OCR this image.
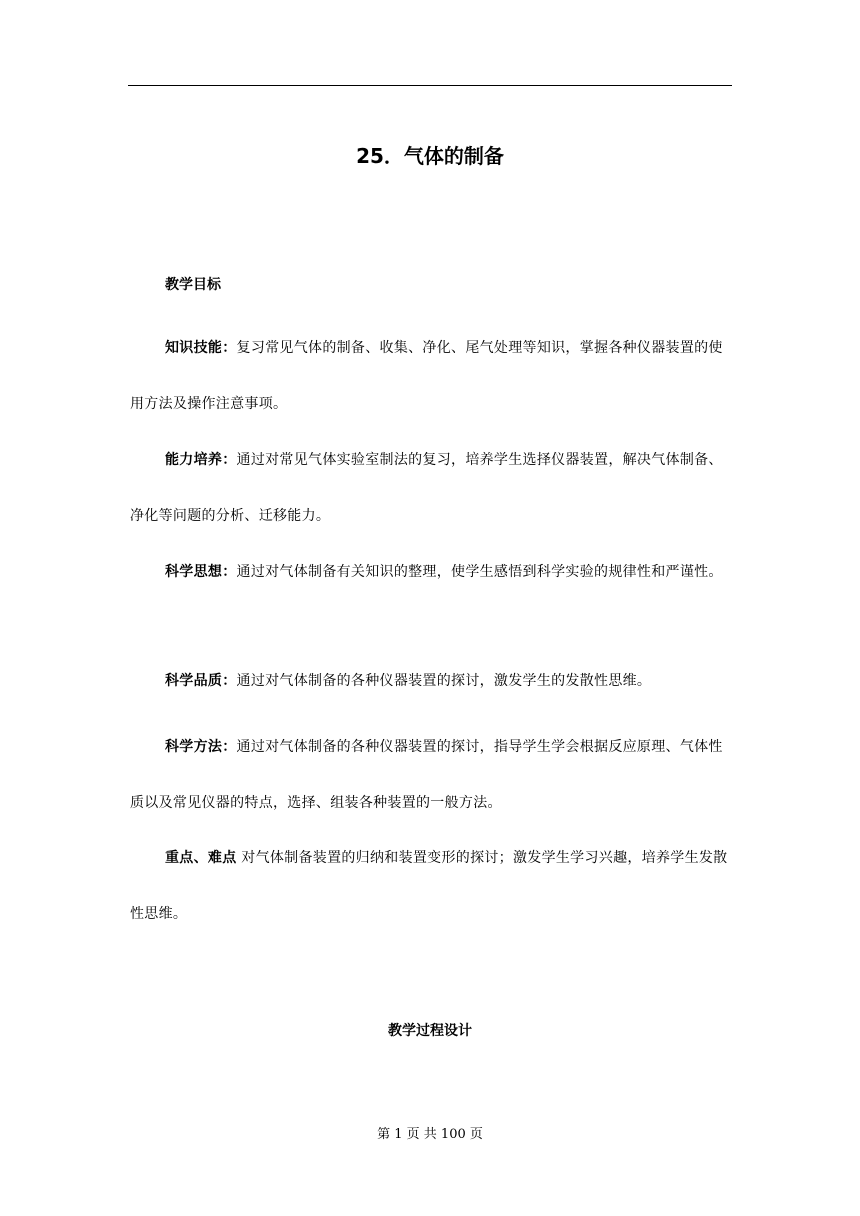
25．气体的制备
教学目标

知识技能：复习常见气体的制备、收集、净化、尾气处理等知识，掌握各种仪器装置的使用方法及操作注意事项。

能力培养：通过对常见气体实验室制法的复习，培养学生选择仪器装置，解决气体制备、净化等问题的分析、迁移能力。

科学思想：通过对气体制备有关知识的整理，使学生感悟到科学实验的规律性和严谨性。

科学品质：通过对气体制备的各种仪器装置的探讨，激发学生的发散性思维。

科学方法：通过对气体制备的各种仪器装置的探讨，指导学生学会根据反应原理、气体性质以及常见仪器的特点，选择、组装各种装置的一般方法。

重点、难点 对气体制备装置的归纳和装置变形的探讨；激发学生学习兴趣，培养学生发散性思维。

教学过程设计
第 1 页 共 100 页
